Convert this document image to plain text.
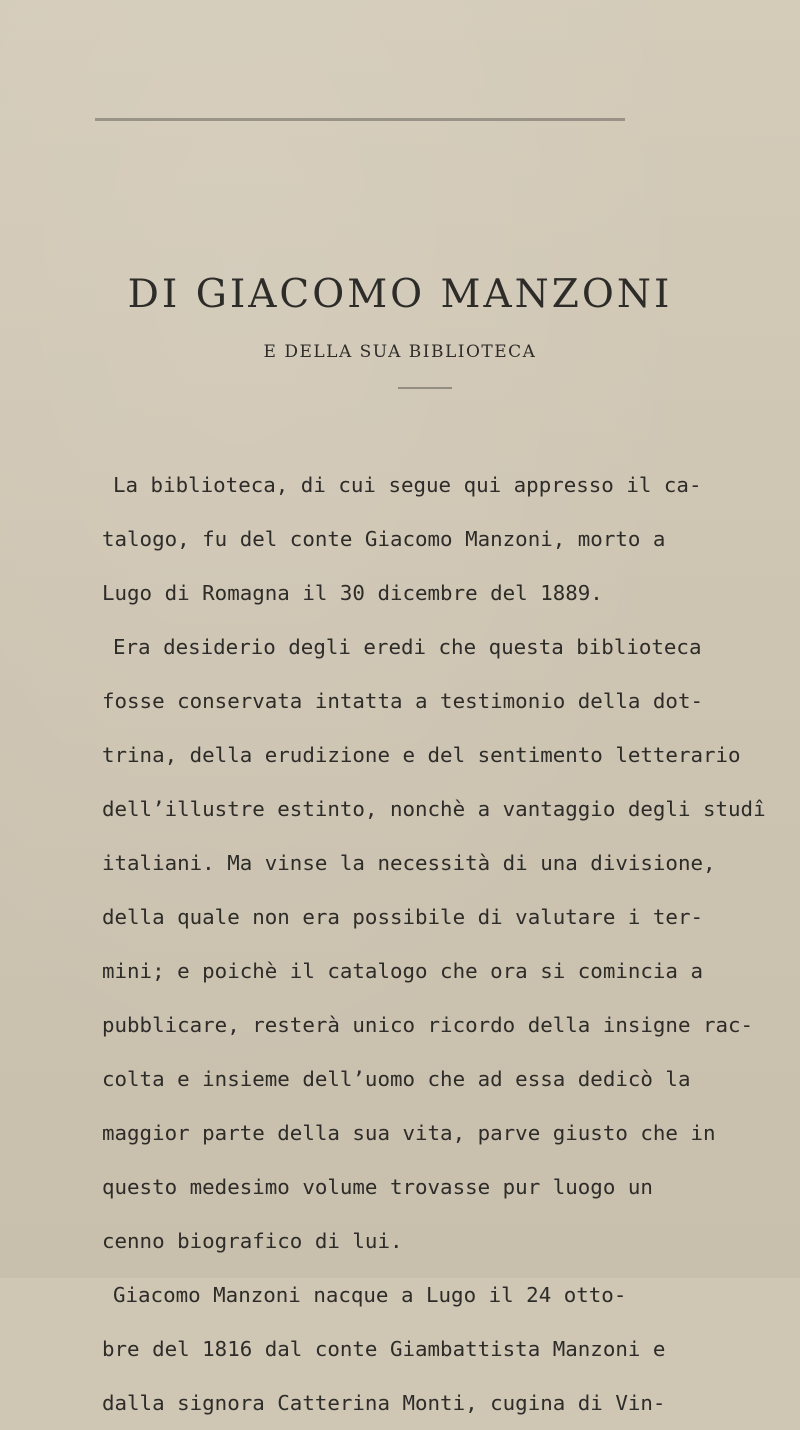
DI GIACOMO MANZONI
E DELLA SUA BIBLIOTECA
La biblioteca, di cui segue qui appresso il ca-
talogo, fu del conte Giacomo Manzoni, morto a
Lugo di Romagna il 30 dicembre del 1889.
Era desiderio degli eredi che questa biblioteca
fosse conservata intatta a testimonio della dot-
trina, della erudizione e del sentimento letterario
dell’illustre estinto, nonchè a vantaggio degli studî
italiani. Ma vinse la necessità di una divisione,
della quale non era possibile di valutare i ter-
mini; e poichè il catalogo che ora si comincia a
pubblicare, resterà unico ricordo della insigne rac-
colta e insieme dell’uomo che ad essa dedicò la
maggior parte della sua vita, parve giusto che in
questo medesimo volume trovasse pur luogo un
cenno biografico di lui.
Giacomo Manzoni nacque a Lugo il 24 otto-
bre del 1816 dal conte Giambattista Manzoni e
dalla signora Catterina Monti, cugina di Vin-
